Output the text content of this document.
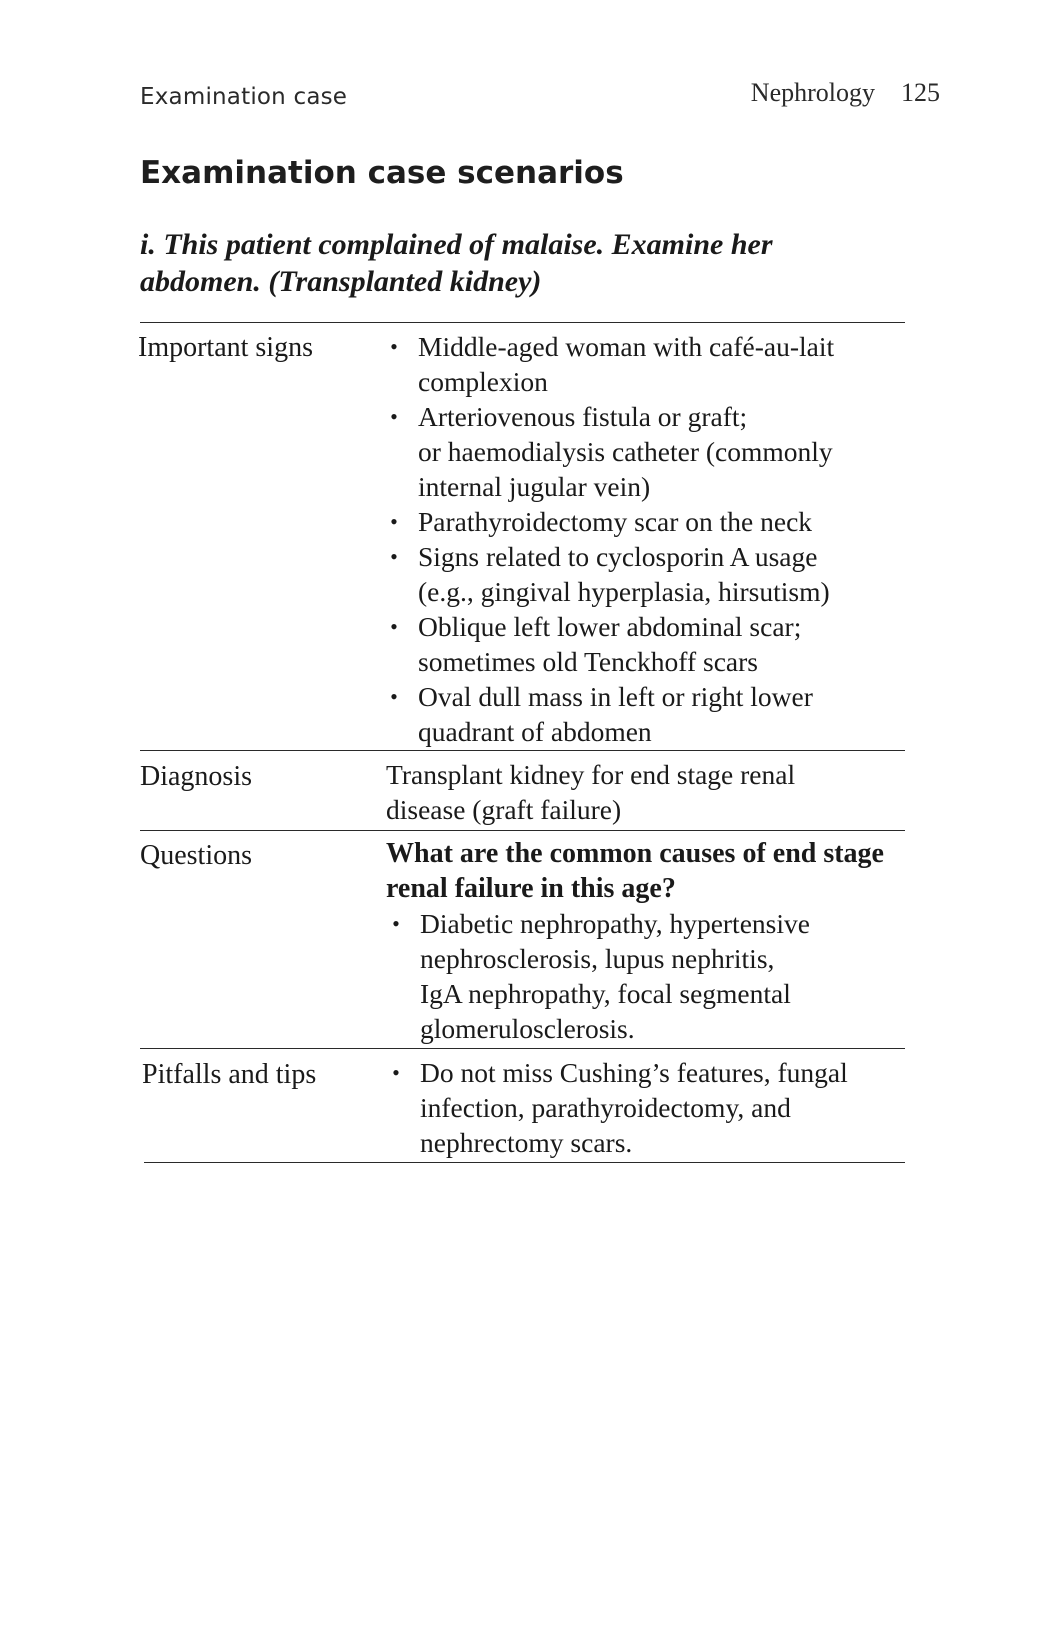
Examination case	Nephrology 125
Examination case scenarios
i. This patient complained of malaise. Examine her
abdomen. (Transplanted kidney)
Important signs	• Middle-aged woman with café-au-lait
complexion
• Arteriovenous fistula or graft;
or haemodialysis catheter (commonly
internal jugular vein)
• Parathyroidectomy scar on the neck
• Signs related to cyclosporin A usage
(e.g., gingival hyperplasia, hirsutism)
• Oblique left lower abdominal scar;
sometimes old Tenckhoff scars
• Oval dull mass in left or right lower
quadrant of abdomen
Diagnosis	Transplant kidney for end stage renal
disease (graft failure)
Questions	What are the common causes of end stage
renal failure in this age?
• Diabetic nephropathy, hypertensive
nephrosclerosis, lupus nephritis,
IgA nephropathy, focal segmental
glomerulosclerosis.
Pitfalls and tips	• Do not miss Cushing’s features, fungal
infection, parathyroidectomy, and
nephrectomy scars.
